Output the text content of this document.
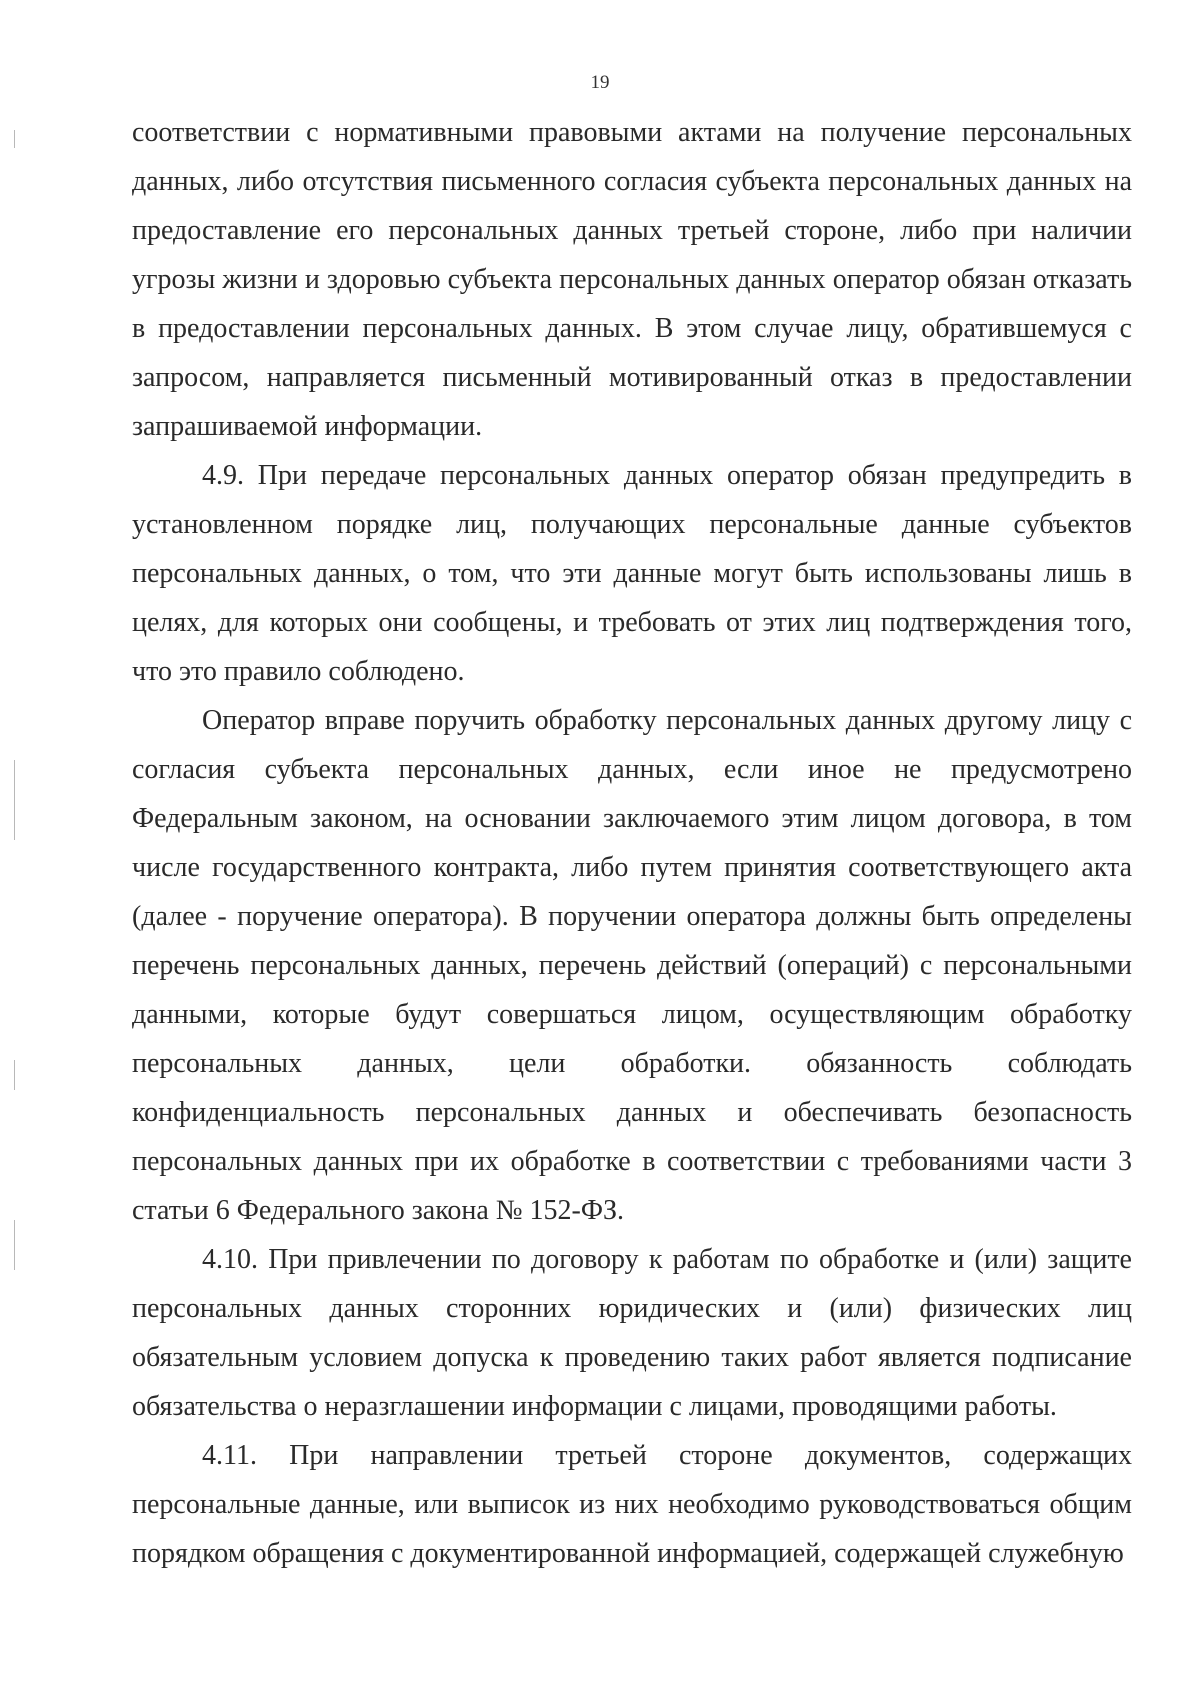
19

соответствии с нормативными правовыми актами на получение персональных данных, либо отсутствия письменного согласия субъекта персональных данных на предоставление его персональных данных третьей стороне, либо при наличии угрозы жизни и здоровью субъекта персональных данных оператор обязан отказать в предоставлении персональных данных. В этом случае лицу, обратившемуся с запросом, направляется письменный мотивированный отказ в предоставлении запрашиваемой информации.

4.9. При передаче персональных данных оператор обязан предупредить в установленном порядке лиц, получающих персональные данные субъектов персональных данных, о том, что эти данные могут быть использованы лишь в целях, для которых они сообщены, и требовать от этих лиц подтверждения того, что это правило соблюдено.

Оператор вправе поручить обработку персональных данных другому лицу с согласия субъекта персональных данных, если иное не предусмотрено Федеральным законом, на основании заключаемого этим лицом договора, в том числе государственного контракта, либо путем принятия соответствующего акта (далее - поручение оператора). В поручении оператора должны быть определены перечень персональных данных, перечень действий (операций) с персональными данными, которые будут совершаться лицом, осуществляющим обработку персональных данных, цели обработки. обязанность соблюдать конфиденциальность персональных данных и обеспечивать безопасность персональных данных при их обработке в соответствии с требованиями части 3 статьи 6 Федерального закона № 152-ФЗ.

4.10. При привлечении по договору к работам по обработке и (или) защите персональных данных сторонних юридических и (или) физических лиц обязательным условием допуска к проведению таких работ является подписание обязательства о неразглашении информации с лицами, проводящими работы.

4.11. При направлении третьей стороне документов, содержащих персональные данные, или выписок из них необходимо руководствоваться общим порядком обращения с документированной информацией, содержащей служебную
